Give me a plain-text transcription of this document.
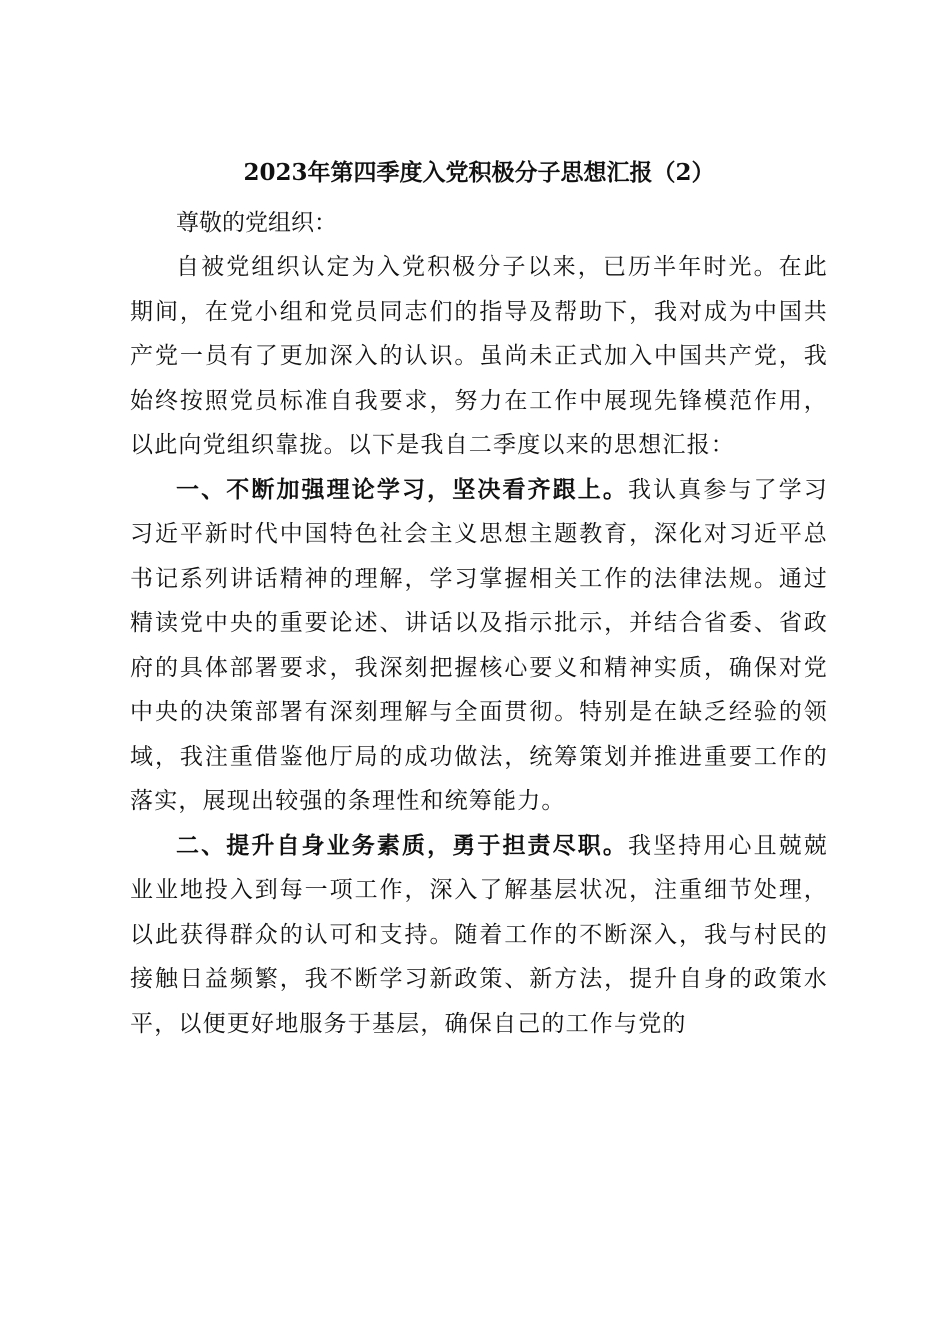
2023年第四季度入党积极分子思想汇报（2）

尊敬的党组织：

自被党组织认定为入党积极分子以来，已历半年时光。在此期间，在党小组和党员同志们的指导及帮助下，我对成为中国共产党一员有了更加深入的认识。虽尚未正式加入中国共产党，我始终按照党员标准自我要求，努力在工作中展现先锋模范作用，以此向党组织靠拢。以下是我自二季度以来的思想汇报：

一、不断加强理论学习，坚决看齐跟上。我认真参与了学习习近平新时代中国特色社会主义思想主题教育，深化对习近平总书记系列讲话精神的理解，学习掌握相关工作的法律法规。通过精读党中央的重要论述、讲话以及指示批示，并结合省委、省政府的具体部署要求，我深刻把握核心要义和精神实质，确保对党中央的决策部署有深刻理解与全面贯彻。特别是在缺乏经验的领域，我注重借鉴他厅局的成功做法，统筹策划并推进重要工作的落实，展现出较强的条理性和统筹能力。

二、提升自身业务素质，勇于担责尽职。我坚持用心且兢兢业业地投入到每一项工作，深入了解基层状况，注重细节处理，以此获得群众的认可和支持。随着工作的不断深入，我与村民的接触日益频繁，我不断学习新政策、新方法，提升自身的政策水平，以便更好地服务于基层，确保自己的工作与党的
